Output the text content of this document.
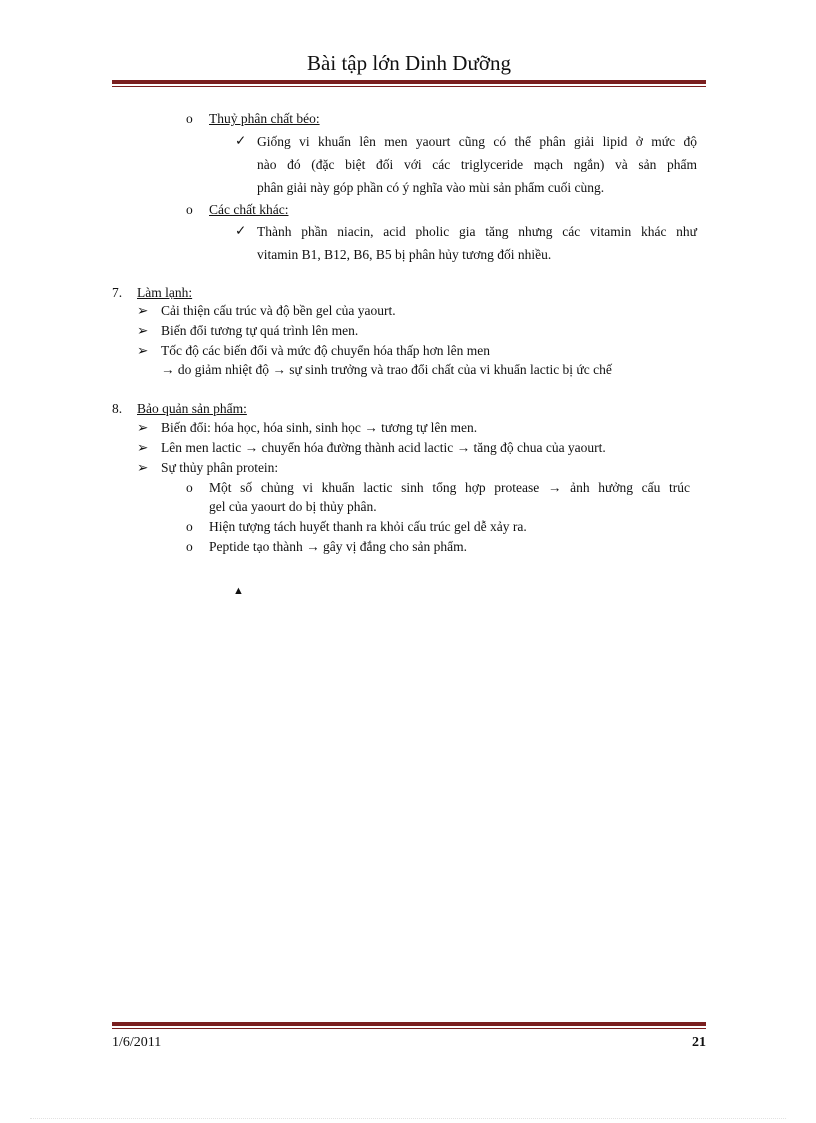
Bài tập lớn Dinh Dưỡng
o Thuỷ phân chất béo:
✓ Giống vi khuẩn lên men yaourt cũng có thể phân giải lipid ở mức độ
nào đó (đặc biệt đối với các triglyceride mạch ngắn) và sản phẩm
phân giải này góp phần có ý nghĩa vào mùi sản phẩm cuối cùng.
o Các chất khác:
✓ Thành phần niacin, acid pholic gia tăng nhưng các vitamin khác như
vitamin B1, B12, B6, B5 bị phân hủy tương đối nhiều.
7. Làm lạnh:
➢ Cải thiện cấu trúc và độ bền gel của yaourt.
➢ Biến đổi tương tự quá trình lên men.
➢ Tốc độ các biến đổi và mức độ chuyển hóa thấp hơn lên men
→ do giảm nhiệt độ → sự sinh trưởng và trao đổi chất của vi khuẩn lactic bị ức chế
8. Bảo quản sản phẩm:
➢ Biến đổi: hóa học, hóa sinh, sinh học → tương tự lên men.
➢ Lên men lactic → chuyển hóa đường thành acid lactic → tăng độ chua của yaourt.
➢ Sự thủy phân protein:
o Một số chủng vi khuẩn lactic sinh tổng hợp protease → ảnh hưởng cấu trúc
gel của yaourt do bị thủy phân.
o Hiện tượng tách huyết thanh ra khỏi cấu trúc gel dễ xảy ra.
o Peptide tạo thành → gây vị đắng cho sản phẩm.
▲
1/6/2011	21
